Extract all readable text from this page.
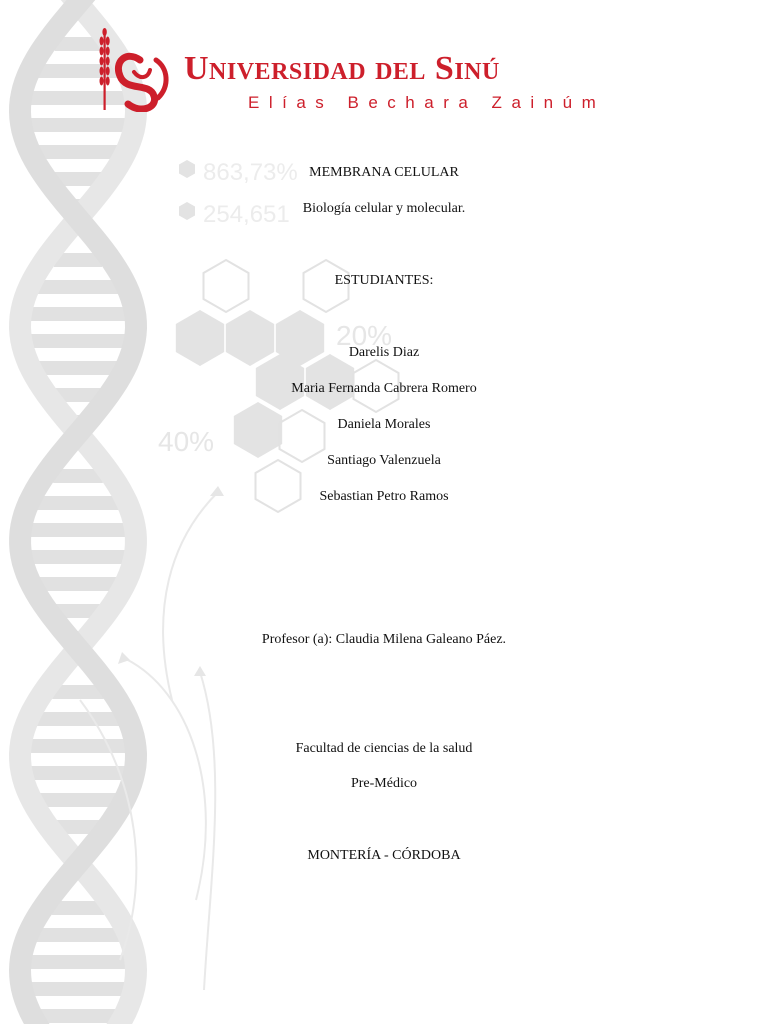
863,73%
254,651
20%
40%
Universidad del Sinú
Elías Bechara Zainúm
MEMBRANA CELULAR
Biología celular y molecular.
ESTUDIANTES:
Darelis Diaz
Maria Fernanda Cabrera Romero
Daniela Morales
Santiago Valenzuela
Sebastian Petro Ramos
Profesor (a): Claudia Milena Galeano Páez.
Facultad de ciencias de la salud
Pre-Médico
MONTERÍA - CÓRDOBA
